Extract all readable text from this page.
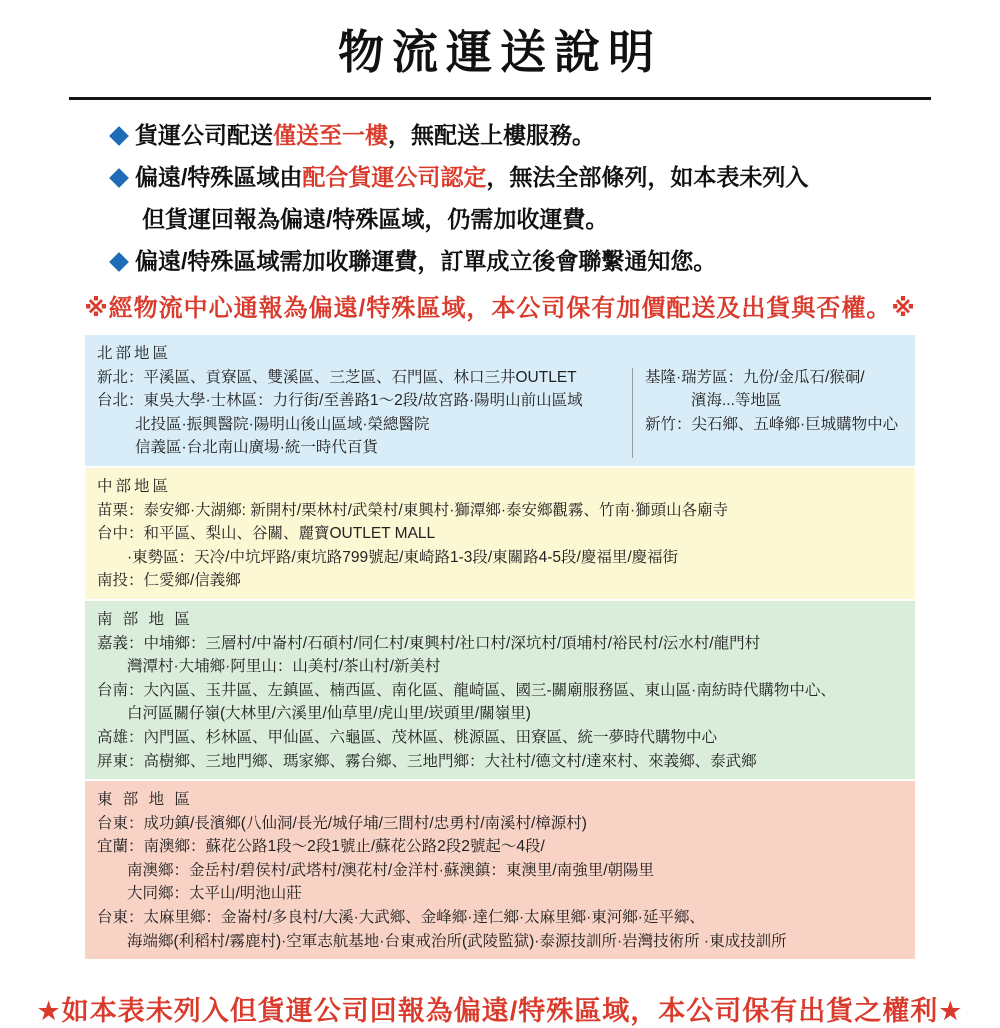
物流運送說明
貨運公司配送僅送至一樓，無配送上樓服務。
偏遠/特殊區域由配合貨運公司認定，無法全部條列，如本表未列入
但貨運回報為偏遠/特殊區域，仍需加收運費。
偏遠/特殊區域需加收聯運費，訂單成立後會聯繫通知您。
※經物流中心通報為偏遠/特殊區域，本公司保有加價配送及出貨與否權。※
北部地區
新北：平溪區、貢寮區、雙溪區、三芝區、石門區、林口三井OUTLET
台北：東吳大學·士林區：力行街/至善路1～2段/故宮路·陽明山前山區域
北投區·振興醫院·陽明山後山區域·榮總醫院
信義區·台北南山廣場·統一時代百貨
基隆·瑞芳區：九份/金瓜石/猴硐/
濱海...等地區
新竹：尖石鄉、五峰鄉·巨城購物中心
中部地區
苗栗：泰安鄉·大湖鄉: 新開村/栗林村/武榮村/東興村·獅潭鄉·泰安鄉觀霧、竹南·獅頭山各廟寺
台中：和平區、梨山、谷關、麗寶OUTLET MALL
·東勢區：天冷/中坑坪路/東坑路799號起/東崎路1-3段/東關路4-5段/慶福里/慶福街
南投：仁愛鄉/信義鄉
南 部 地 區
嘉義：中埔鄉：三層村/中崙村/石碩村/同仁村/東興村/社口村/深坑村/頂埔村/裕民村/沄水村/龍門村
灣潭村·大埔鄉·阿里山：山美村/茶山村/新美村
台南：大內區、玉井區、左鎮區、楠西區、南化區、龍崎區、國三-關廟服務區、東山區·南紡時代購物中心、
白河區關仔嶺(大林里/六溪里/仙草里/虎山里/崁頭里/關嶺里)
高雄：內門區、杉林區、甲仙區、六龜區、茂林區、桃源區、田寮區、統一夢時代購物中心
屏東：高樹鄉、三地門鄉、瑪家鄉、霧台鄉、三地門鄉：大社村/德文村/達來村、來義鄉、泰武鄉
東 部 地 區
台東：成功鎮/長濱鄉(八仙洞/長光/城仔埔/三間村/忠勇村/南溪村/樟源村)
宜蘭：南澳鄉：蘇花公路1段～2段1號止/蘇花公路2段2號起～4段/
南澳鄉：金岳村/碧侯村/武塔村/澳花村/金洋村·蘇澳鎮：東澳里/南強里/朝陽里
大同鄉：太平山/明池山莊
台東：太麻里鄉：金崙村/多良村/大溪·大武鄉、金峰鄉·達仁鄉·太麻里鄉·東河鄉·延平鄉、
海端鄉(利稻村/霧鹿村)·空軍志航基地·台東戒治所(武陵監獄)·泰源技訓所·岩灣技術所 ·東成技訓所
★如本表未列入但貨運公司回報為偏遠/特殊區域，本公司保有出貨之權利★
